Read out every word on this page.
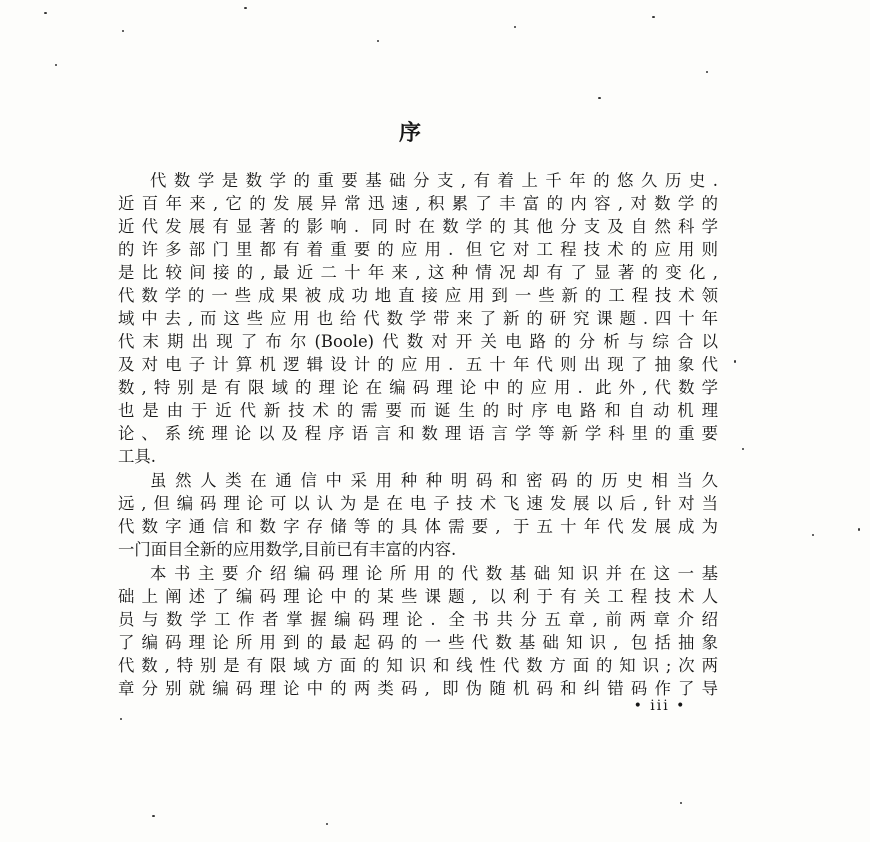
序
代数学是数学的重要基础分支,有着上千年的悠久历史.
近百年来,它的发展异常迅速,积累了丰富的内容,对数学的
近代发展有显著的影响. 同时在数学的其他分支及自然科学
的许多部门里都有着重要的应用. 但它对工程技术的应用则
是比较间接的,最近二十年来,这种情况却有了显著的变化,
代数学的一些成果被成功地直接应用到一些新的工程技术领
域中去,而这些应用也给代数学带来了新的研究课题.四十年
代末期出现了布尔(Boole)代数对开关电路的分析与综合以
及对电子计算机逻辑设计的应用. 五十年代则出现了抽象代
数,特别是有限域的理论在编码理论中的应用. 此外,代数学
也是由于近代新技术的需要而诞生的时序电路和自动机理
论、系统理论以及程序语言和数理语言学等新学科里的重要
工具.
虽然人类在通信中采用种种明码和密码的历史相当久
远,但编码理论可以认为是在电子技术飞速发展以后,针对当
代数字通信和数字存储等的具体需要, 于五十年代发展成为
一门面目全新的应用数学,目前已有丰富的内容.
本书主要介绍编码理论所用的代数基础知识并在这一基
础上阐述了编码理论中的某些课题, 以利于有关工程技术人
员与数学工作者掌握编码理论. 全书共分五章,前两章介绍
了编码理论所用到的最起码的一些代数基础知识, 包括抽象
代数,特别是有限域方面的知识和线性代数方面的知识;次两
章分别就编码理论中的两类码, 即伪随机码和纠错码作了导
• iii •
